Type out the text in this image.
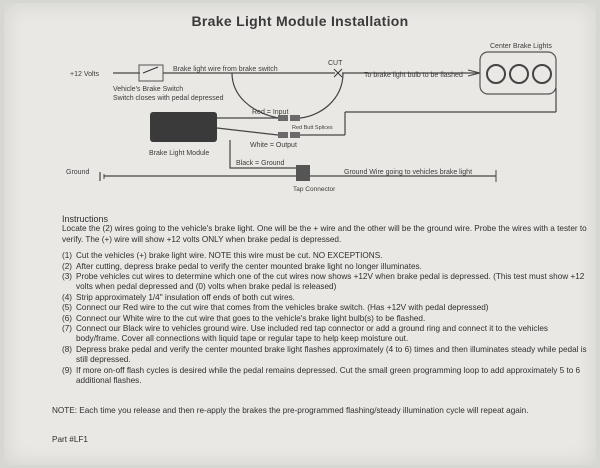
Brake Light Module Installation
+12 Volts
Vehicle's Brake Switch
Switch closes with pedal depressed
Brake light wire from brake switch
CUT
To brake light bulb to be flashed
Center Brake Lights
Red = Input
Red Butt Splices
White = Output
Brake Light Module
Black = Ground
Ground	Ground Wire going to vehicles brake light
Tap Connector
Instructions
Locate the (2) wires going to the vehicle's brake light. One will be the + wire and the other will be the ground wire. Probe the wires with a tester to verify. The (+) wire will show +12 volts ONLY when brake pedal is depressed.
(1) Cut the vehicles (+) brake light wire. NOTE this wire must be cut. NO EXCEPTIONS.
(2) After cutting, depress brake pedal to verify the center mounted brake light no longer illuminates.
(3) Probe vehicles cut wires to determine which one of the cut wires now shows +12V when brake pedal is depressed. (This test must show +12 volts when pedal depressed and (0) volts when brake pedal is released)
(4) Strip approximately 1/4" insulation off ends of both cut wires.
(5) Connect our Red wire to the cut wire that comes from the vehicles brake switch. (Has +12V with pedal depressed)
(6) Connect our White wire to the cut wire that goes to the vehicle's brake light bulb(s) to be flashed.
(7) Connect our Black wire to vehicles ground wire. Use included red tap connector or add a ground ring and connect it to the vehicles body/frame. Cover all connections with liquid tape or regular tape to help keep moisture out.
(8) Depress brake pedal and verify the center mounted brake light flashes approximately (4 to 6) times and then illuminates steady while pedal is still depressed.
(9) If more on-off flash cycles is desired while the pedal remains depressed. Cut the small green programming loop to add approximately 5 to 6 additional flashes.
NOTE: Each time you release and then re-apply the brakes the pre-programmed flashing/steady illumination cycle will repeat again.
Part #LF1
